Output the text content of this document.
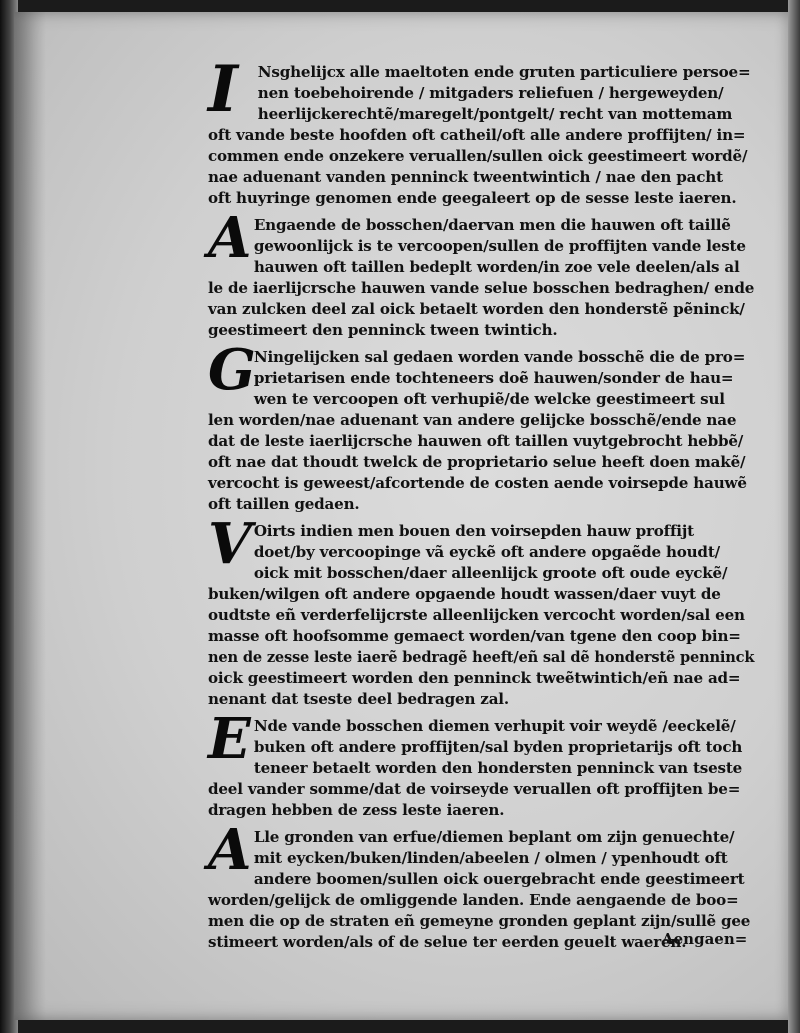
I	Nsghelijcx alle maeltoten ende gruten particuliere persoe=
nen toebehoirende / mitgaders reliefuen / hergeweyden/
heerlijckerechtẽ/maregelt/pontgelt/ recht van mottemam
oft vande beste hoofden oft catheil/oft alle andere proffijten/ in=
commen ende onzekere veruallen/sullen oick geestimeert wordẽ/
nae aduenant vanden penninck tweentwintich / nae den pacht
oft huyringe genomen ende geegaleert op de sesse leste iaeren.
A Engaende de bosschen/daervan men die hauwen oft taillẽ
gewoonlijck is te vercoopen/sullen de proffijten vande leste
hauwen oft taillen bedeplt worden/in zoe vele deelen/als al
le de iaerlijcrsche hauwen vande selue bosschen bedraghen/ ende
van zulcken deel zal oick betaelt worden den honderstẽ pẽninck/
geestimeert den penninck tween twintich.
G
Ningelijcken sal gedaen worden vande bosschẽ die de pro=
prietarisen ende tochteneers doẽ hauwen/sonder de hau=
wen te vercoopen oft verhupiẽ/de welcke geestimeert sul
len worden/nae aduenant van andere gelijcke bosschẽ/ende nae
dat de leste iaerlijcrsche hauwen oft taillen vuytgebrocht hebbẽ/
oft nae dat thoudt twelck de proprietario selue heeft doen makẽ/
vercocht is geweest/afcortende de costen aende voirsepde hauwẽ
oft taillen gedaen.
V Oirts indien men bouen den voirsepden hauw proffijt
doet/by vercoopinge vã eyckẽ oft andere opgaẽde houdt/
oick mit bosschen/daer alleenlijck groote oft oude eyckẽ/
buken/wilgen oft andere opgaende houdt wassen/daer vuyt de
oudtste eñ verderfelijcrste alleenlijcken vercocht worden/sal een
masse oft hoofsomme gemaect worden/van tgene den coop bin=
nen de zesse leste iaerẽ bedragẽ heeft/eñ sal dẽ honderstẽ penninck
oick geestimeert worden den penninck tweẽtwintich/eñ nae ad=
nenant dat tseste deel bedragen zal.
E Nde vande bosschen diemen verhupit voir weydẽ /eeckelẽ/
buken oft andere proffijten/sal byden proprietarijs oft toch
teneer betaelt worden den hondersten penninck van tseste
deel vander somme/dat de voirseyde veruallen oft proffijten be=
dragen hebben de zess leste iaeren.
A Lle gronden van erfue/diemen beplant om zijn genuechte/
mit eycken/buken/linden/abeelen / olmen / ypenhoudt oft
andere boomen/sullen oick ouergebracht ende geestimeert
worden/gelijck de omliggende landen. Ende aengaende de boo=
men die op de straten eñ gemeyne gronden geplant zijn/sullẽ gee
stimeert worden/als of de selue ter eerden geuelt waeren.
Aengaen=
